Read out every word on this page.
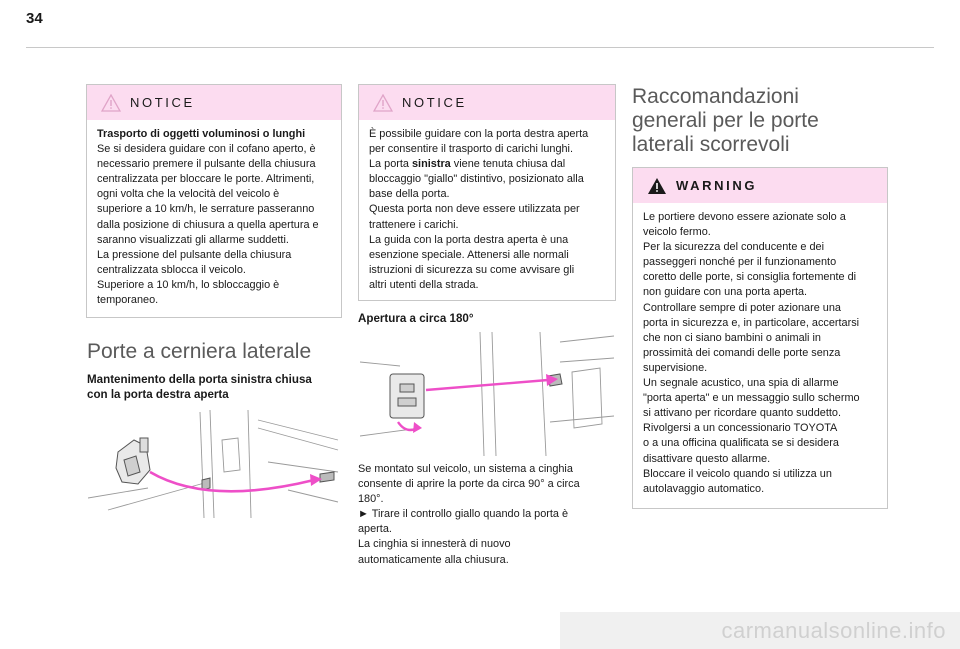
34
NOTICE

Trasporto di oggetti voluminosi o lunghi

Se si desidera guidare con il cofano aperto, è

necessario premere il pulsante della chiusura

centralizzata per bloccare le porte. Altrimenti,

ogni volta che la velocità del veicolo è

superiore a 10 km/h, le serrature passeranno

dalla posizione di chiusura a quella apertura e

saranno visualizzati gli allarme suddetti.

La pressione del pulsante della chiusura

centralizzata sblocca il veicolo.

Superiore a 10 km/h, lo sbloccaggio è

temporaneo.

Porte a cerniera laterale
Mantenimento della porta sinistra chiusa
con la porta destra aperta
NOTICE

È possibile guidare con la porta destra aperta

per consentire il trasporto di carichi lunghi.

La porta sinistra viene tenuta chiusa dal

bloccaggio "giallo" distintivo, posizionato alla

base della porta.

Questa porta non deve essere utilizzata per

trattenere i carichi.

La guida con la porta destra aperta è una

esenzione speciale. Attenersi alle normali

istruzioni di sicurezza su come avvisare gli

altri utenti della strada.

Apertura a circa 180°

Se montato sul veicolo, un sistema a cinghia

consente di aprire la porte da circa 90° a circa

180°.

► Tirare il controllo giallo quando la porta è

aperta.

La cinghia si innesterà di nuovo

automaticamente alla chiusura.

Raccomandazioni
generali per le porte
laterali scorrevoli
WARNING

Le portiere devono essere azionate solo a

veicolo fermo.

Per la sicurezza del conducente e dei

passeggeri nonché per il funzionamento

coretto delle porte, si consiglia fortemente di

non guidare con una porta aperta.

Controllare sempre di poter azionare una

porta in sicurezza e, in particolare, accertarsi

che non ci siano bambini o animali in

prossimità dei comandi delle porte senza

supervisione.

Un segnale acustico, una spia di allarme

"porta aperta" e un messaggio sullo schermo

si attivano per ricordare quanto suddetto.

Rivolgersi a un concessionario TOYOTA

o a una officina qualificata se si desidera

disattivare questo allarme.

Bloccare il veicolo quando si utilizza un

autolavaggio automatico.

carmanualsonline.info
